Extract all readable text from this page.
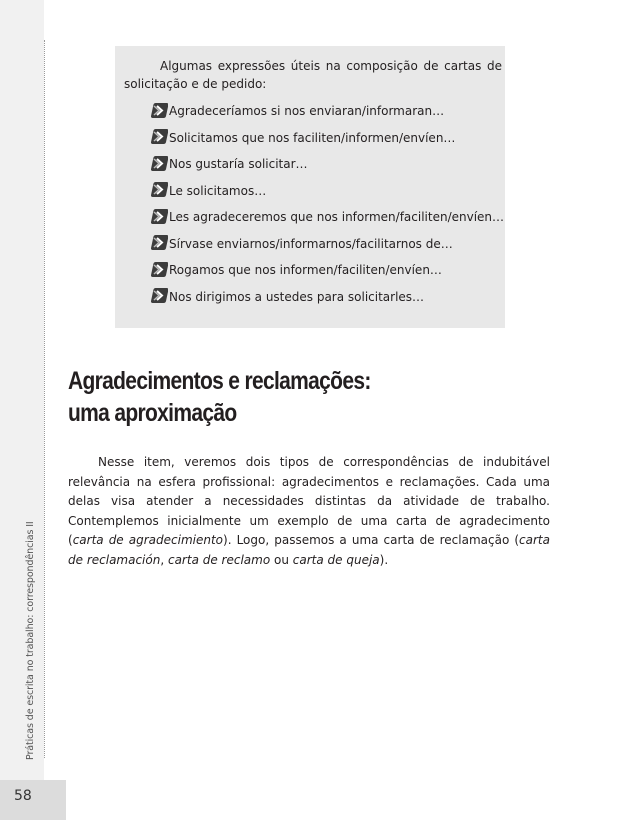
Práticas de escrita no trabalho: correspondências II
58

Algumas expressões úteis na composição de cartas de solicitação e de pedido:

Agradeceríamos si nos enviaran/informaran…
Solicitamos que nos faciliten/informen/envíen…
Nos gustaría solicitar…
Le solicitamos…
Les agradeceremos que nos informen/faciliten/envíen…
Sírvase enviarnos/informarnos/facilitarnos de…
Rogamos que nos informen/faciliten/envíen…
Nos dirigimos a ustedes para solicitarles…
Agradecimentos e reclamações:
uma aproximação

Nesse item, veremos dois tipos de correspondências de indubitável relevância na esfera profissional: agradecimentos e reclamações. Cada uma delas visa atender a necessidades distintas da atividade de trabalho. Contemplemos inicialmente um exemplo de uma carta de agradecimento (carta de agradecimiento). Logo, passemos a uma carta de reclamação (carta de reclamación, carta de reclamo ou carta de queja).
